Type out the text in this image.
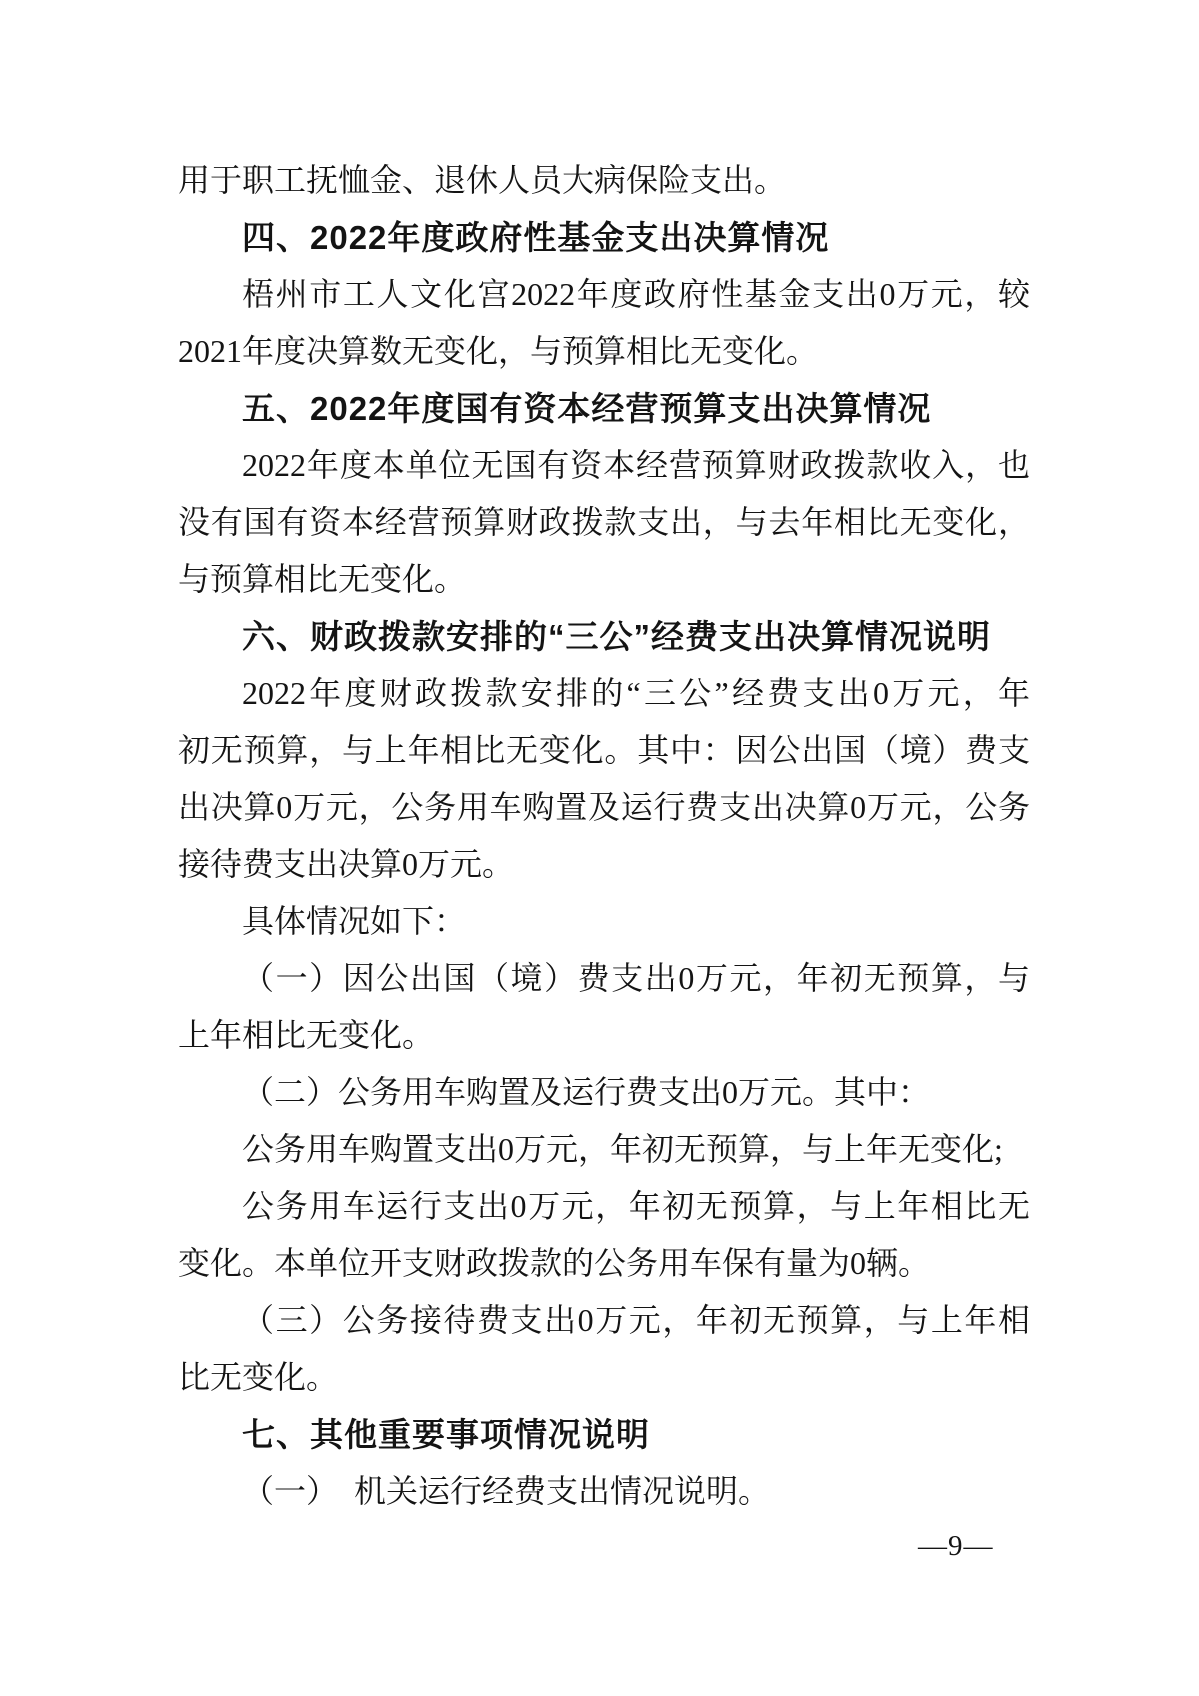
用于职工抚恤金、退休人员大病保险支出。
四、2022年度政府性基金支出决算情况
梧州市工人文化宫2022年度政府性基金支出0万元，较
2021年度决算数无变化，与预算相比无变化。
五、2022年度国有资本经营预算支出决算情况
2022年度本单位无国有资本经营预算财政拨款收入，也
没有国有资本经营预算财政拨款支出，与去年相比无变化，
与预算相比无变化。
六、财政拨款安排的“三公”经费支出决算情况说明
2022年度财政拨款安排的“三公”经费支出0万元，年
初无预算，与上年相比无变化。其中：因公出国（境）费支
出决算0万元，公务用车购置及运行费支出决算0万元，公务
接待费支出决算0万元。
具体情况如下：
（一）因公出国（境）费支出0万元，年初无预算，与
上年相比无变化。
（二）公务用车购置及运行费支出0万元。其中：
公务用车购置支出0万元，年初无预算，与上年无变化;
公务用车运行支出0万元，年初无预算，与上年相比无
变化。本单位开支财政拨款的公务用车保有量为0辆。
（三）公务接待费支出0万元，年初无预算，与上年相
比无变化。
七、其他重要事项情况说明
（一）　机关运行经费支出情况说明。
—9—
